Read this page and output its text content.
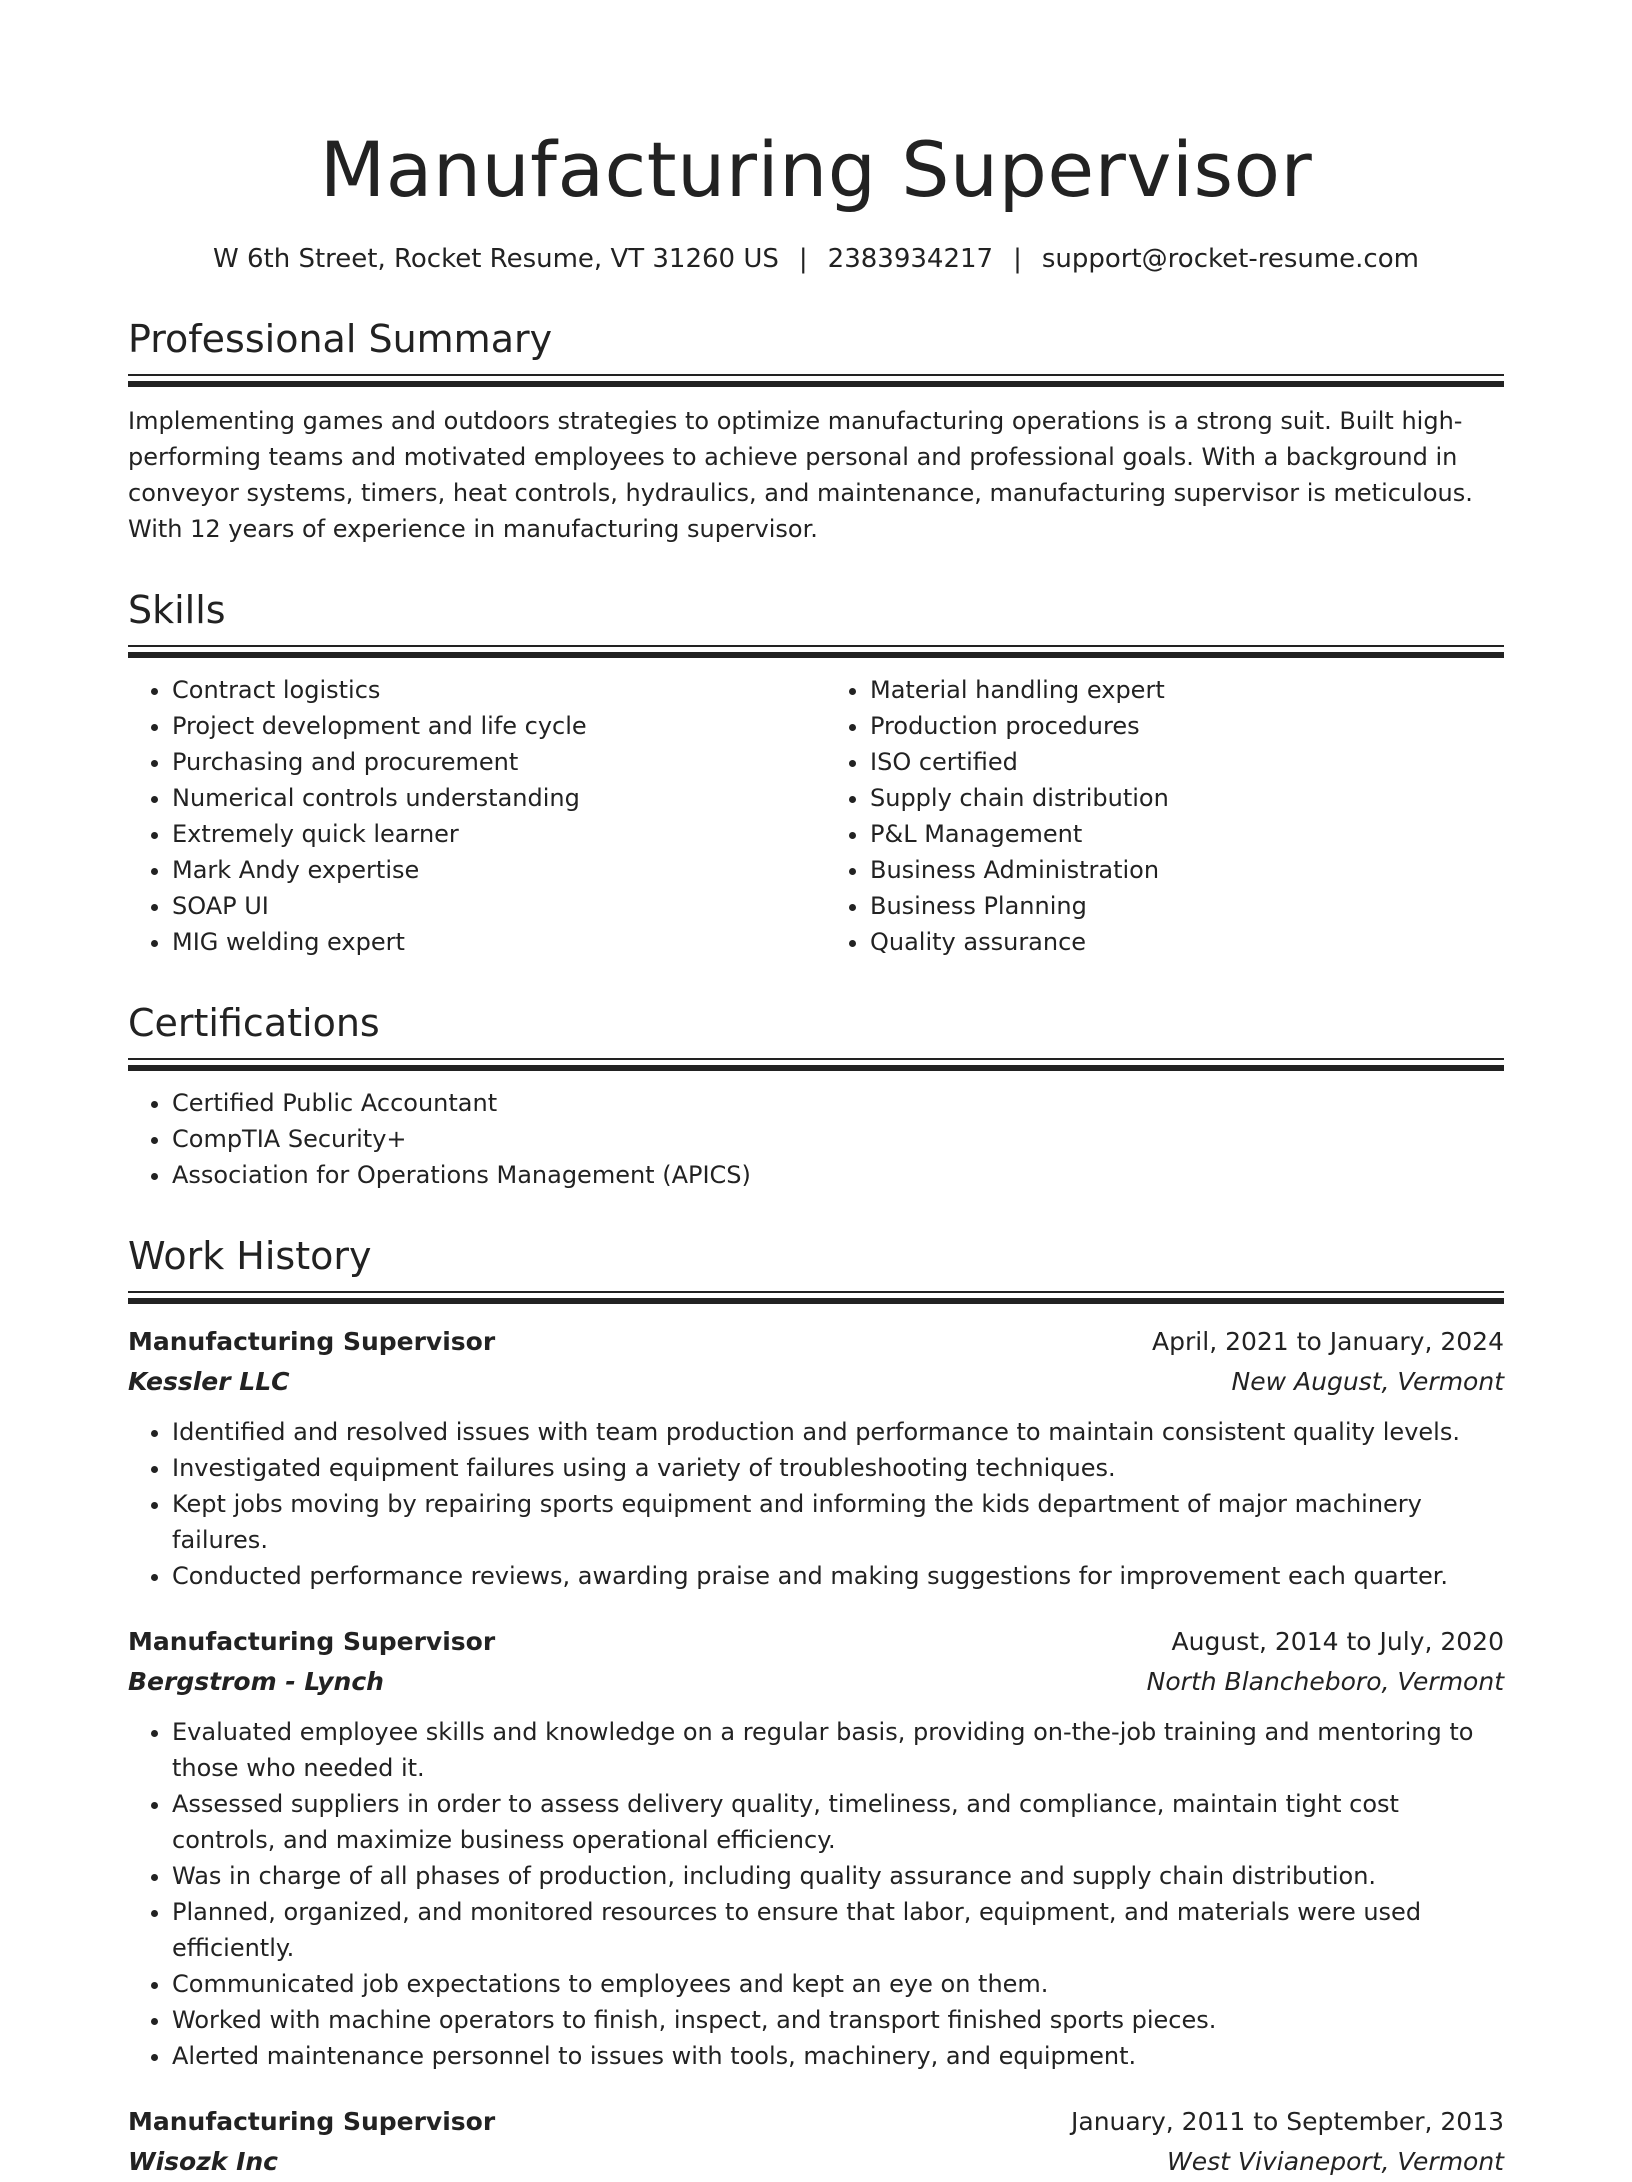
Manufacturing Supervisor
W 6th Street, Rocket Resume, VT 31260 US | 2383934217 | support@rocket-resume.com
Professional Summary
Implementing games and outdoors strategies to optimize manufacturing operations is a strong suit. Built high-performing teams and motivated employees to achieve personal and professional goals. With a background in conveyor systems, timers, heat controls, hydraulics, and maintenance, manufacturing supervisor is meticulous. With 12 years of experience in manufacturing supervisor.
Skills
• Contract logistics
• Project development and life cycle
• Purchasing and procurement
• Numerical controls understanding
• Extremely quick learner
• Mark Andy expertise
• SOAP UI
• MIG welding expert
• Material handling expert
• Production procedures
• ISO certified
• Supply chain distribution
• P&L Management
• Business Administration
• Business Planning
• Quality assurance
Certifications
• Certified Public Accountant
• CompTIA Security+
• Association for Operations Management (APICS)
Work History
Manufacturing Supervisor	April, 2021 to January, 2024
Kessler LLC	New August, Vermont
• Identified and resolved issues with team production and performance to maintain consistent quality levels.
• Investigated equipment failures using a variety of troubleshooting techniques.
• Kept jobs moving by repairing sports equipment and informing the kids department of major machinery failures.
• Conducted performance reviews, awarding praise and making suggestions for improvement each quarter.
Manufacturing Supervisor	August, 2014 to July, 2020
Bergstrom - Lynch	North Blancheboro, Vermont
• Evaluated employee skills and knowledge on a regular basis, providing on-the-job training and mentoring to those who needed it.
• Assessed suppliers in order to assess delivery quality, timeliness, and compliance, maintain tight cost controls, and maximize business operational efficiency.
• Was in charge of all phases of production, including quality assurance and supply chain distribution.
• Planned, organized, and monitored resources to ensure that labor, equipment, and materials were used efficiently.
• Communicated job expectations to employees and kept an eye on them.
• Worked with machine operators to finish, inspect, and transport finished sports pieces.
• Alerted maintenance personnel to issues with tools, machinery, and equipment.
Manufacturing Supervisor	January, 2011 to September, 2013
Wisozk Inc	West Vivianeport, Vermont
